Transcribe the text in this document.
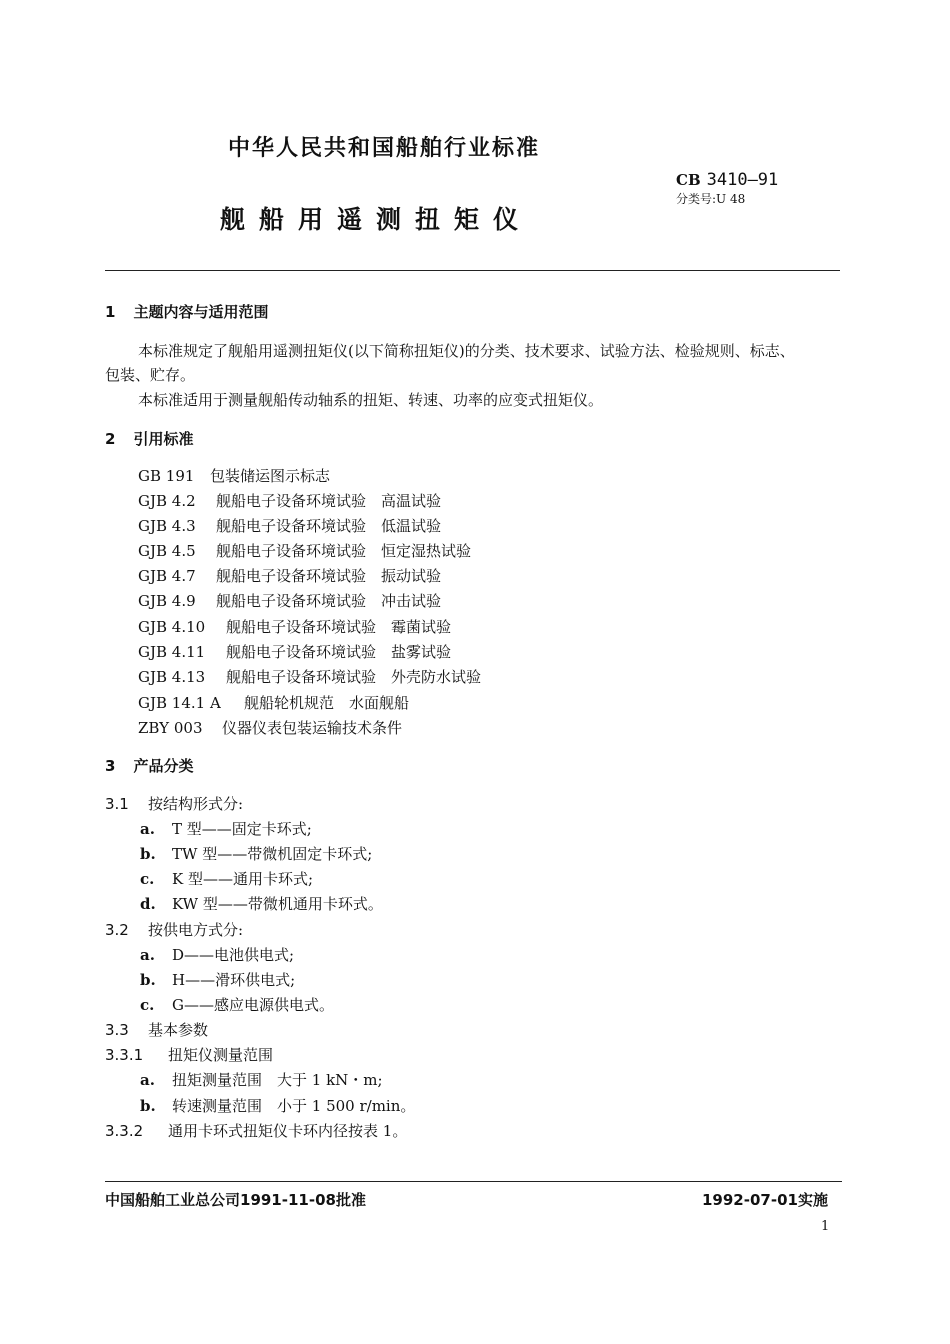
中华人民共和国船舶行业标准
CB 3410—91
分类号:U 48
舰船用遥测扭矩仪
1 主题内容与适用范围
本标准规定了舰船用遥测扭矩仪(以下简称扭矩仪)的分类、技术要求、试验方法、检验规则、标志、
包装、贮存。
本标准适用于测量舰船传动轴系的扭矩、转速、功率的应变式扭矩仪。
2 引用标准
GB 191 包装储运图示标志
GJB 4.2 舰船电子设备环境试验　高温试验
GJB 4.3 舰船电子设备环境试验　低温试验
GJB 4.5 舰船电子设备环境试验　恒定湿热试验
GJB 4.7 舰船电子设备环境试验　振动试验
GJB 4.9 舰船电子设备环境试验　冲击试验
GJB 4.10 舰船电子设备环境试验　霉菌试验
GJB 4.11 舰船电子设备环境试验　盐雾试验
GJB 4.13 舰船电子设备环境试验　外壳防水试验
GJB 14.1 A 舰船轮机规范　水面舰船
ZBY 003 仪器仪表包装运输技术条件
3 产品分类
3.1 按结构形式分:
a. T 型——固定卡环式;
b. TW 型——带微机固定卡环式;
c. K 型——通用卡环式;
d. KW 型——带微机通用卡环式。
3.2 按供电方式分:
a. D——电池供电式;
b. H——滑环供电式;
c. G——感应电源供电式。
3.3 基本参数
3.3.1 扭矩仪测量范围
a. 扭矩测量范围　大于 1 kN・m;
b. 转速测量范围　小于 1 500 r/min。
3.3.2 通用卡环式扭矩仪卡环内径按表 1。
中国船舶工业总公司1991-11-08批准	1992-07-01实施
1
